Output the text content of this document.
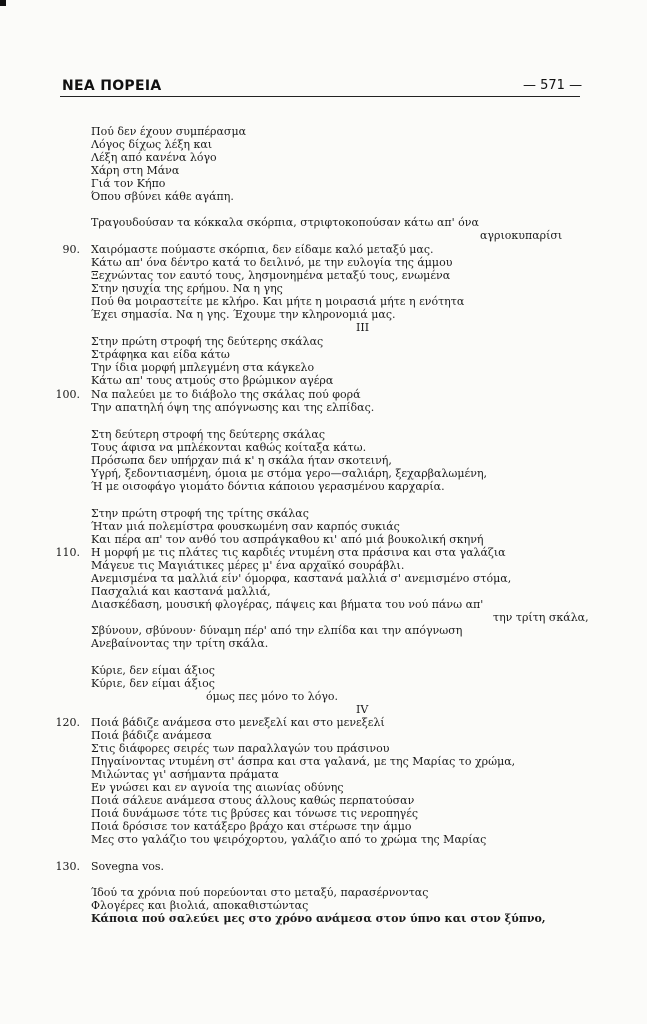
ΝΕΑ ΠΟΡΕΙΑ	— 571 —
Πού δεν έχουν συμπέρασμα
Λόγος δίχως λέξη και
Λέξη από κανένα λόγο
Χάρη στη Μάνα
Γιά τον Κήπο
Όπου σβύνει κάθε αγάπη.
Τραγουδούσαν τα κόκκαλα σκόρπια, στριφτοκοπούσαν κάτω απ' όνα
αγριοκυπαρίσι
90. Χαιρόμαστε πούμαστε σκόρπια, δεν είδαμε καλό μεταξύ μας.
Κάτω απ' όνα δέντρο κατά το δειλινό, με την ευλογία της άμμου
Ξεχνώντας τον εαυτό τους, λησμονημένα μεταξύ τους, ενωμένα
Στην ησυχία της ερήμου. Να η γης
Πού θα μοιραστείτε με κλήρο. Και μήτε η μοιρασιά μήτε η ενότητα
Έχει σημασία. Να η γης. Έχουμε την κληρονομιά μας.
III
Στην πρώτη στροφή της δεύτερης σκάλας
Στράφηκα και είδα κάτω
Την ίδια μορφή μπλεγμένη στα κάγκελο
Κάτω απ' τους ατμούς στο βρώμικον αγέρα
100. Να παλεύει με το διάβολο της σκάλας πού φορά
Την απατηλή όψη της απόγνωσης και της ελπίδας.
Στη δεύτερη στροφή της δεύτερης σκάλας
Τους άφισα να μπλέκονται καθώς κοίταξα κάτω.
Πρόσωπα δεν υπήρχαν πιά κ' η σκάλα ήταν σκοτεινή,
Υγρή, ξεδοντιασμένη, όμοια με στόμα γερο—σαλιάρη, ξεχαρβαλωμένη,
Ή με οισοφάγο γιομάτο δόντια κάποιου γερασμένου καρχαρία.
Στην πρώτη στροφή της τρίτης σκάλας
Ήταν μιά πολεμίστρα φουσκωμένη σαν καρπός συκιάς
Και πέρα απ' τον ανθό του ασπράγκαθου κι' από μιά βουκολική σκηνή
110. Η μορφή με τις πλάτες τις καρδιές ντυμένη στα πράσινα και στα γαλάζια
Μάγευε τις Μαγιάτικες μέρες μ' ένα αρχαϊκό σουράβλι.
Ανεμισμένα τα μαλλιά είν' όμορφα, καστανά μαλλιά σ' ανεμισμένο στόμα,
Πασχαλιά και καστανά μαλλιά,
Διασκέδαση, μουσική φλογέρας, πάψεις και βήματα του νού πάνω απ'
την τρίτη σκάλα,
Σβύνουν, σβύνουν· δύναμη πέρ' από την ελπίδα και την απόγνωση
Ανεβαίνοντας την τρίτη σκάλα.
Κύριε, δεν είμαι άξιος
Κύριε, δεν είμαι άξιος
όμως πες μόνο το λόγο.
IV
120. Ποιά βάδιζε ανάμεσα στο μενεξελί και στο μενεξελί
Ποιά βάδιζε ανάμεσα
Στις διάφορες σειρές των παραλλαγών του πράσινου
Πηγαίνοντας ντυμένη στ' άσπρα και στα γαλανά, με της Μαρίας το χρώμα,
Μιλώντας γι' ασήμαντα πράματα
Εν γνώσει και εν αγνοία της αιωνίας οδύνης
Ποιά σάλευε ανάμεσα στους άλλους καθώς περπατούσαν
Ποιά δυνάμωσε τότε τις βρύσες και τόνωσε τις νεροπηγές
Ποιά δρόσισε τον κατάξερο βράχο και στέρωσε την άμμο
Μες στο γαλάζιο του ψειρόχορτου, γαλάζιο από το χρώμα της Μαρίας
130. Sovegna vos.
Ίδού τα χρόνια πού πορεύονται στο μεταξύ, παρασέρνοντας
Φλογέρες και βιολιά, αποκαθιστώντας
Κάποια πού σαλεύει μες στο χρόνο ανάμεσα στον ύπνο και στον ξύπνο,
